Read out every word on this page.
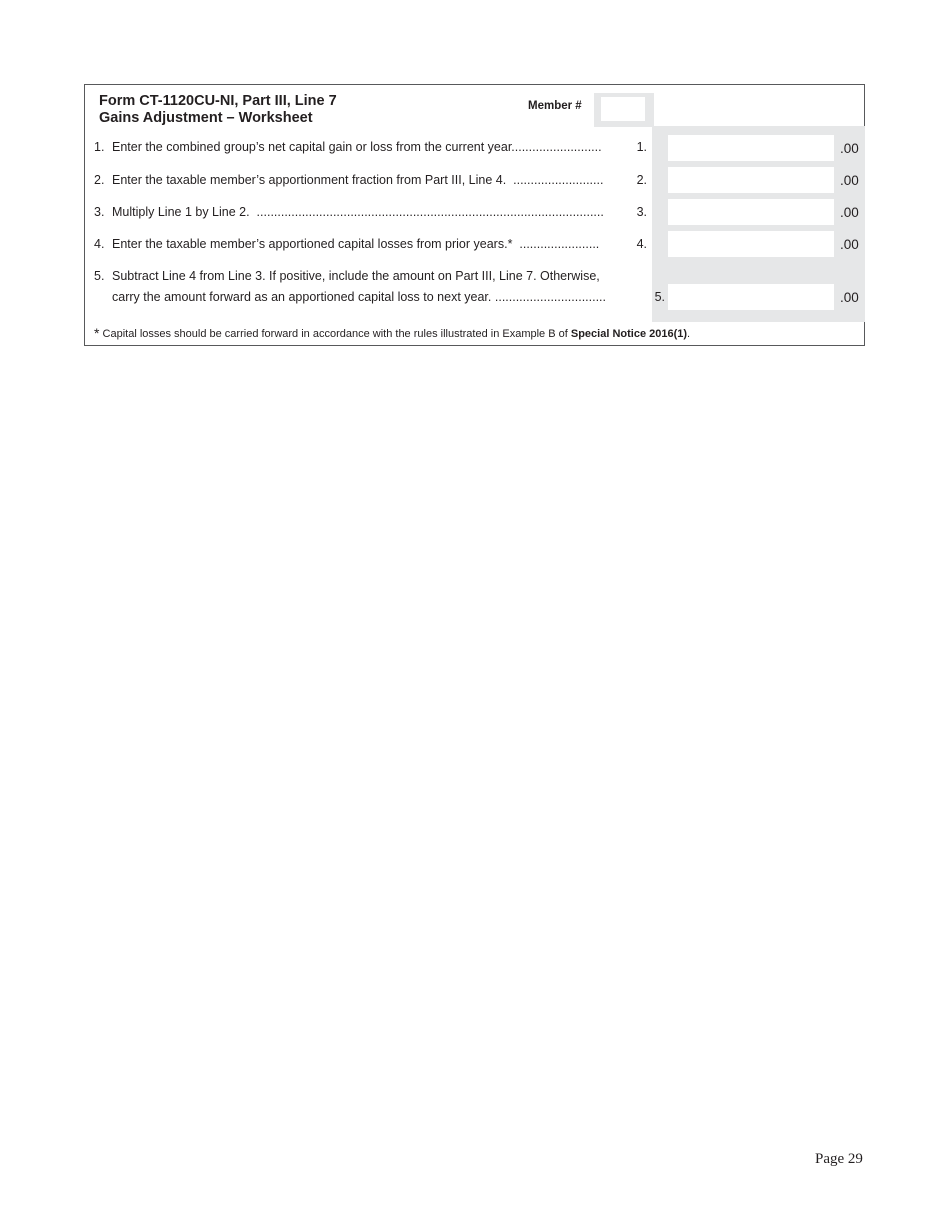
Form CT-1120CU-NI, Part III, Line 7
Gains Adjustment – Worksheet
Member #
1. Enter the combined group’s net capital gain or loss from the current year..........................	1.	.00
2. Enter the taxable member’s apportionment fraction from Part III, Line 4. ..........................	2.	.00
3. Multiply Line 1 by Line 2. ....................................................................................................	3.	.00
4. Enter the taxable member’s apportioned capital losses from prior years.* .......................	4.	.00
5. Subtract Line 4 from Line 3. If positive, include the amount on Part III, Line 7. Otherwise,
carry the amount forward as an apportioned capital loss to next year. ................................	5.	.00
* Capital losses should be carried forward in accordance with the rules illustrated in Example B of Special Notice 2016(1).
Page 29
